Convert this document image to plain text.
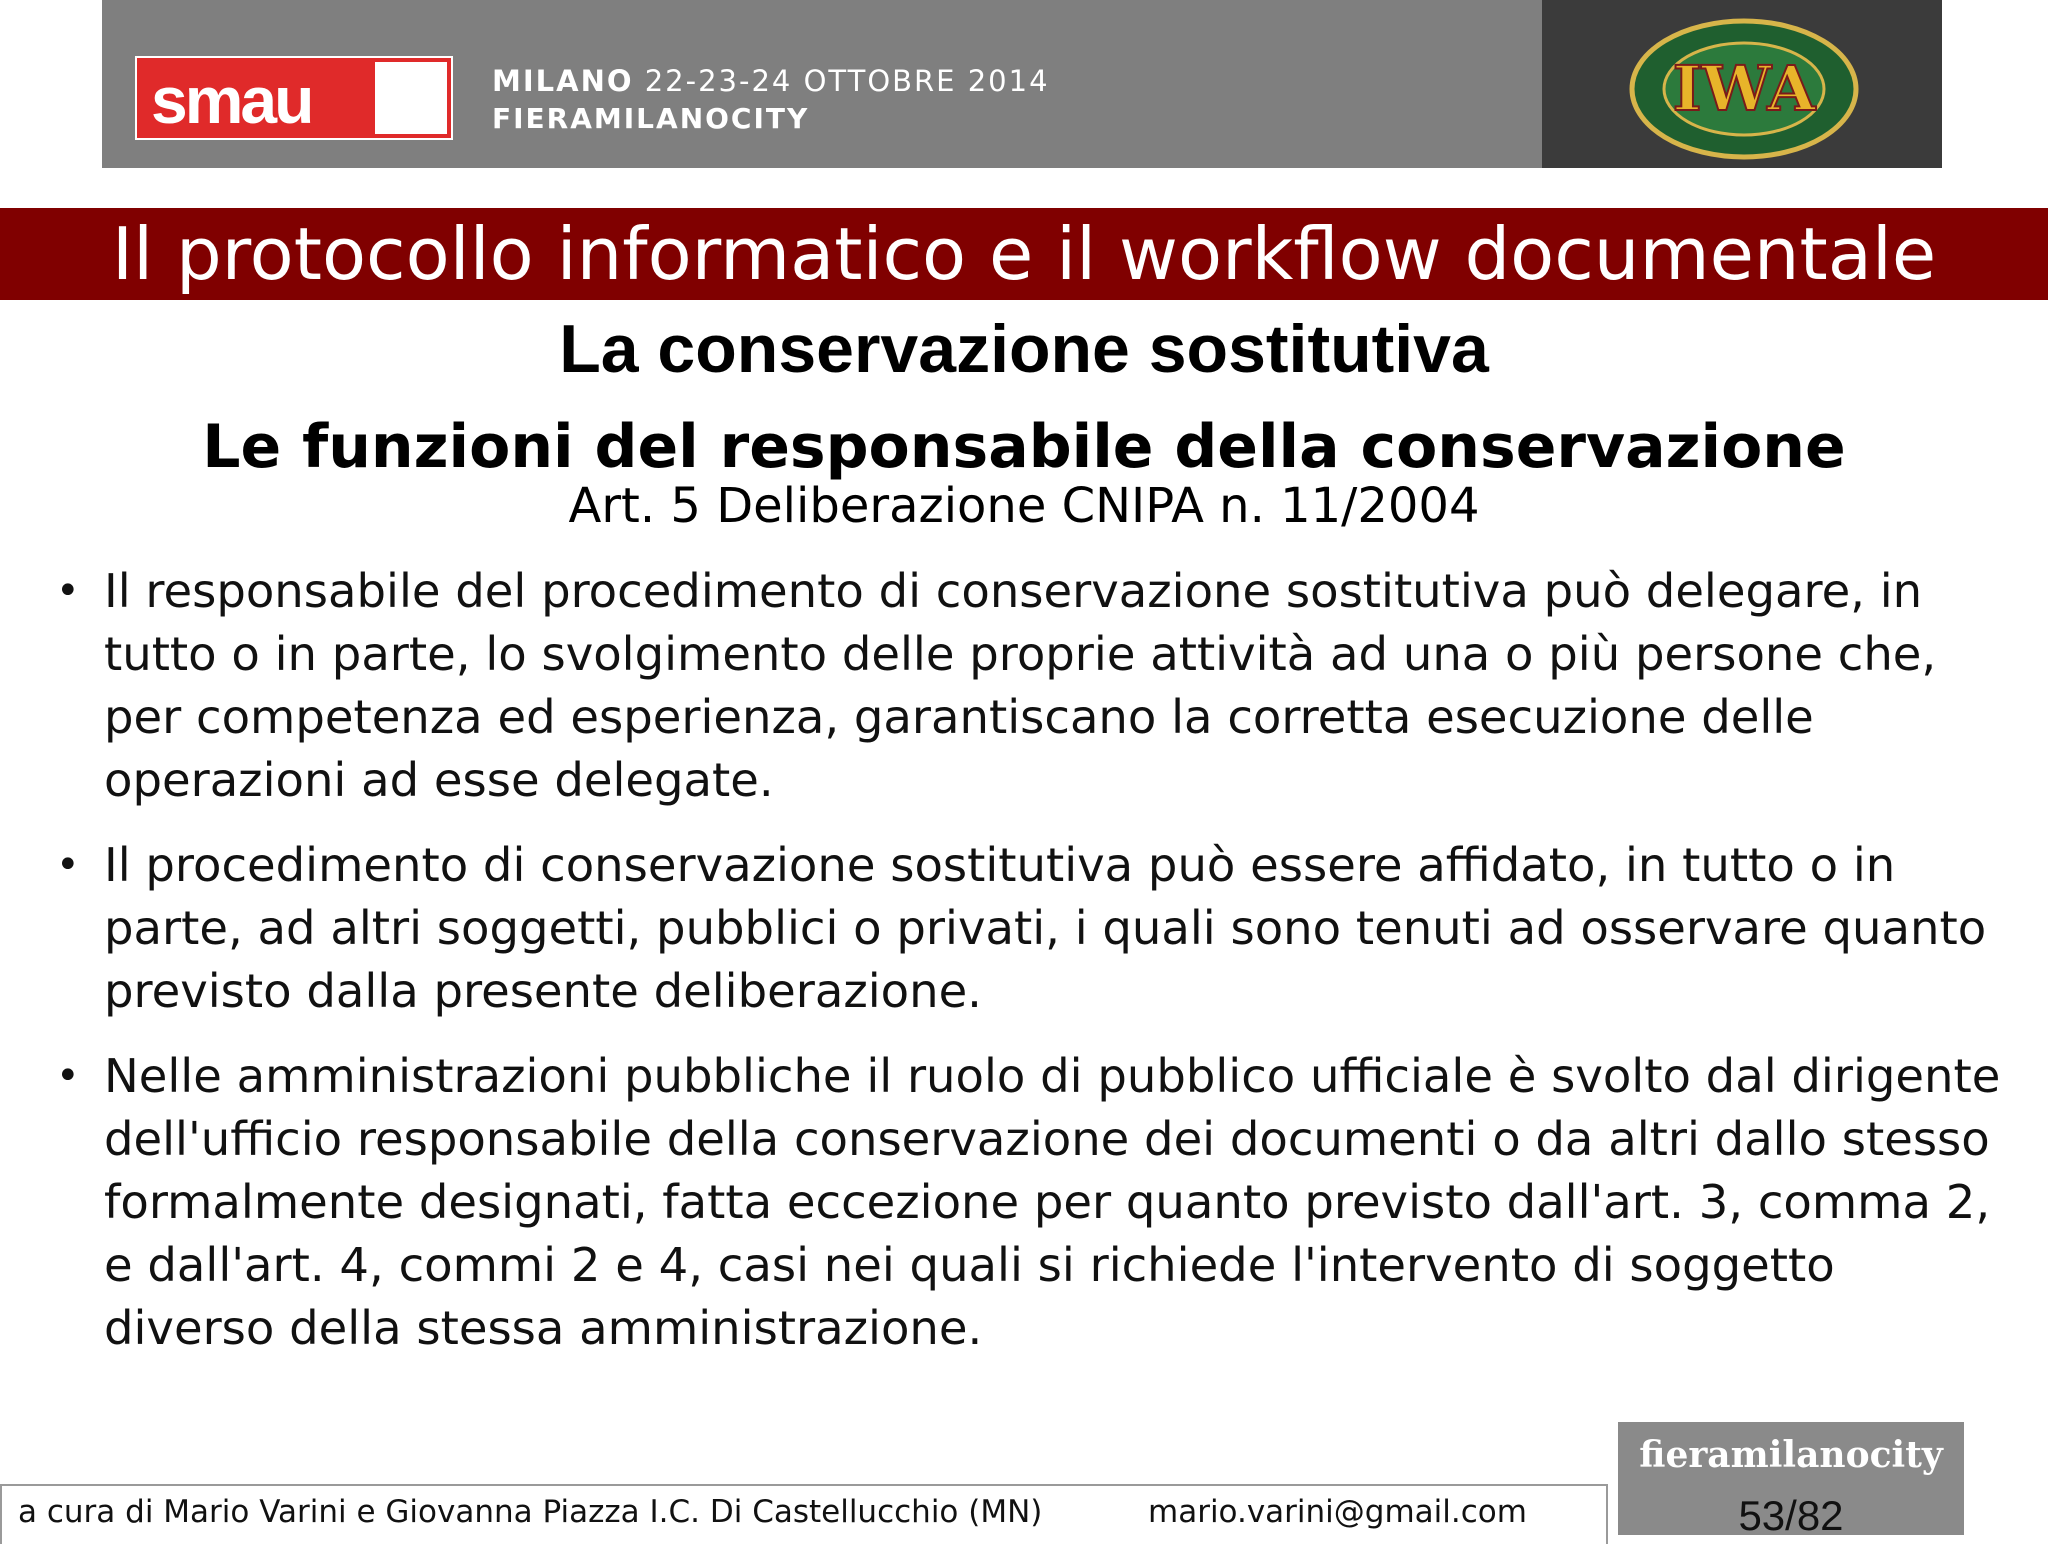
smau	MILANO 22-23-24 OTTOBRE 2014
FIERAMILANOCITY	IWA
Il protocollo informatico e il workflow documentale
La conservazione sostitutiva
Le funzioni del responsabile della conservazione
Art. 5 Deliberazione CNIPA n. 11/2004
• Il responsabile del procedimento di conservazione sostitutiva può delegare, in tutto o in parte, lo svolgimento delle proprie attività ad una o più persone che, per competenza ed esperienza, garantiscano la corretta esecuzione delle operazioni ad esse delegate.
• Il procedimento di conservazione sostitutiva può essere affidato, in tutto o in parte, ad altri soggetti, pubblici o privati, i quali sono tenuti ad osservare quanto previsto dalla presente deliberazione.
• Nelle amministrazioni pubbliche il ruolo di pubblico ufficiale è svolto dal dirigente dell'ufficio responsabile della conservazione dei documenti o da altri dallo stesso formalmente designati, fatta eccezione per quanto previsto dall'art. 3, comma 2, e dall'art. 4, commi 2 e 4, casi nei quali si richiede l'intervento di soggetto diverso della stessa amministrazione.
a cura di Mario Varini e Giovanna Piazza I.C. Di Castellucchio (MN)	mario.varini@gmail.com
fieramilanocity
53/82
